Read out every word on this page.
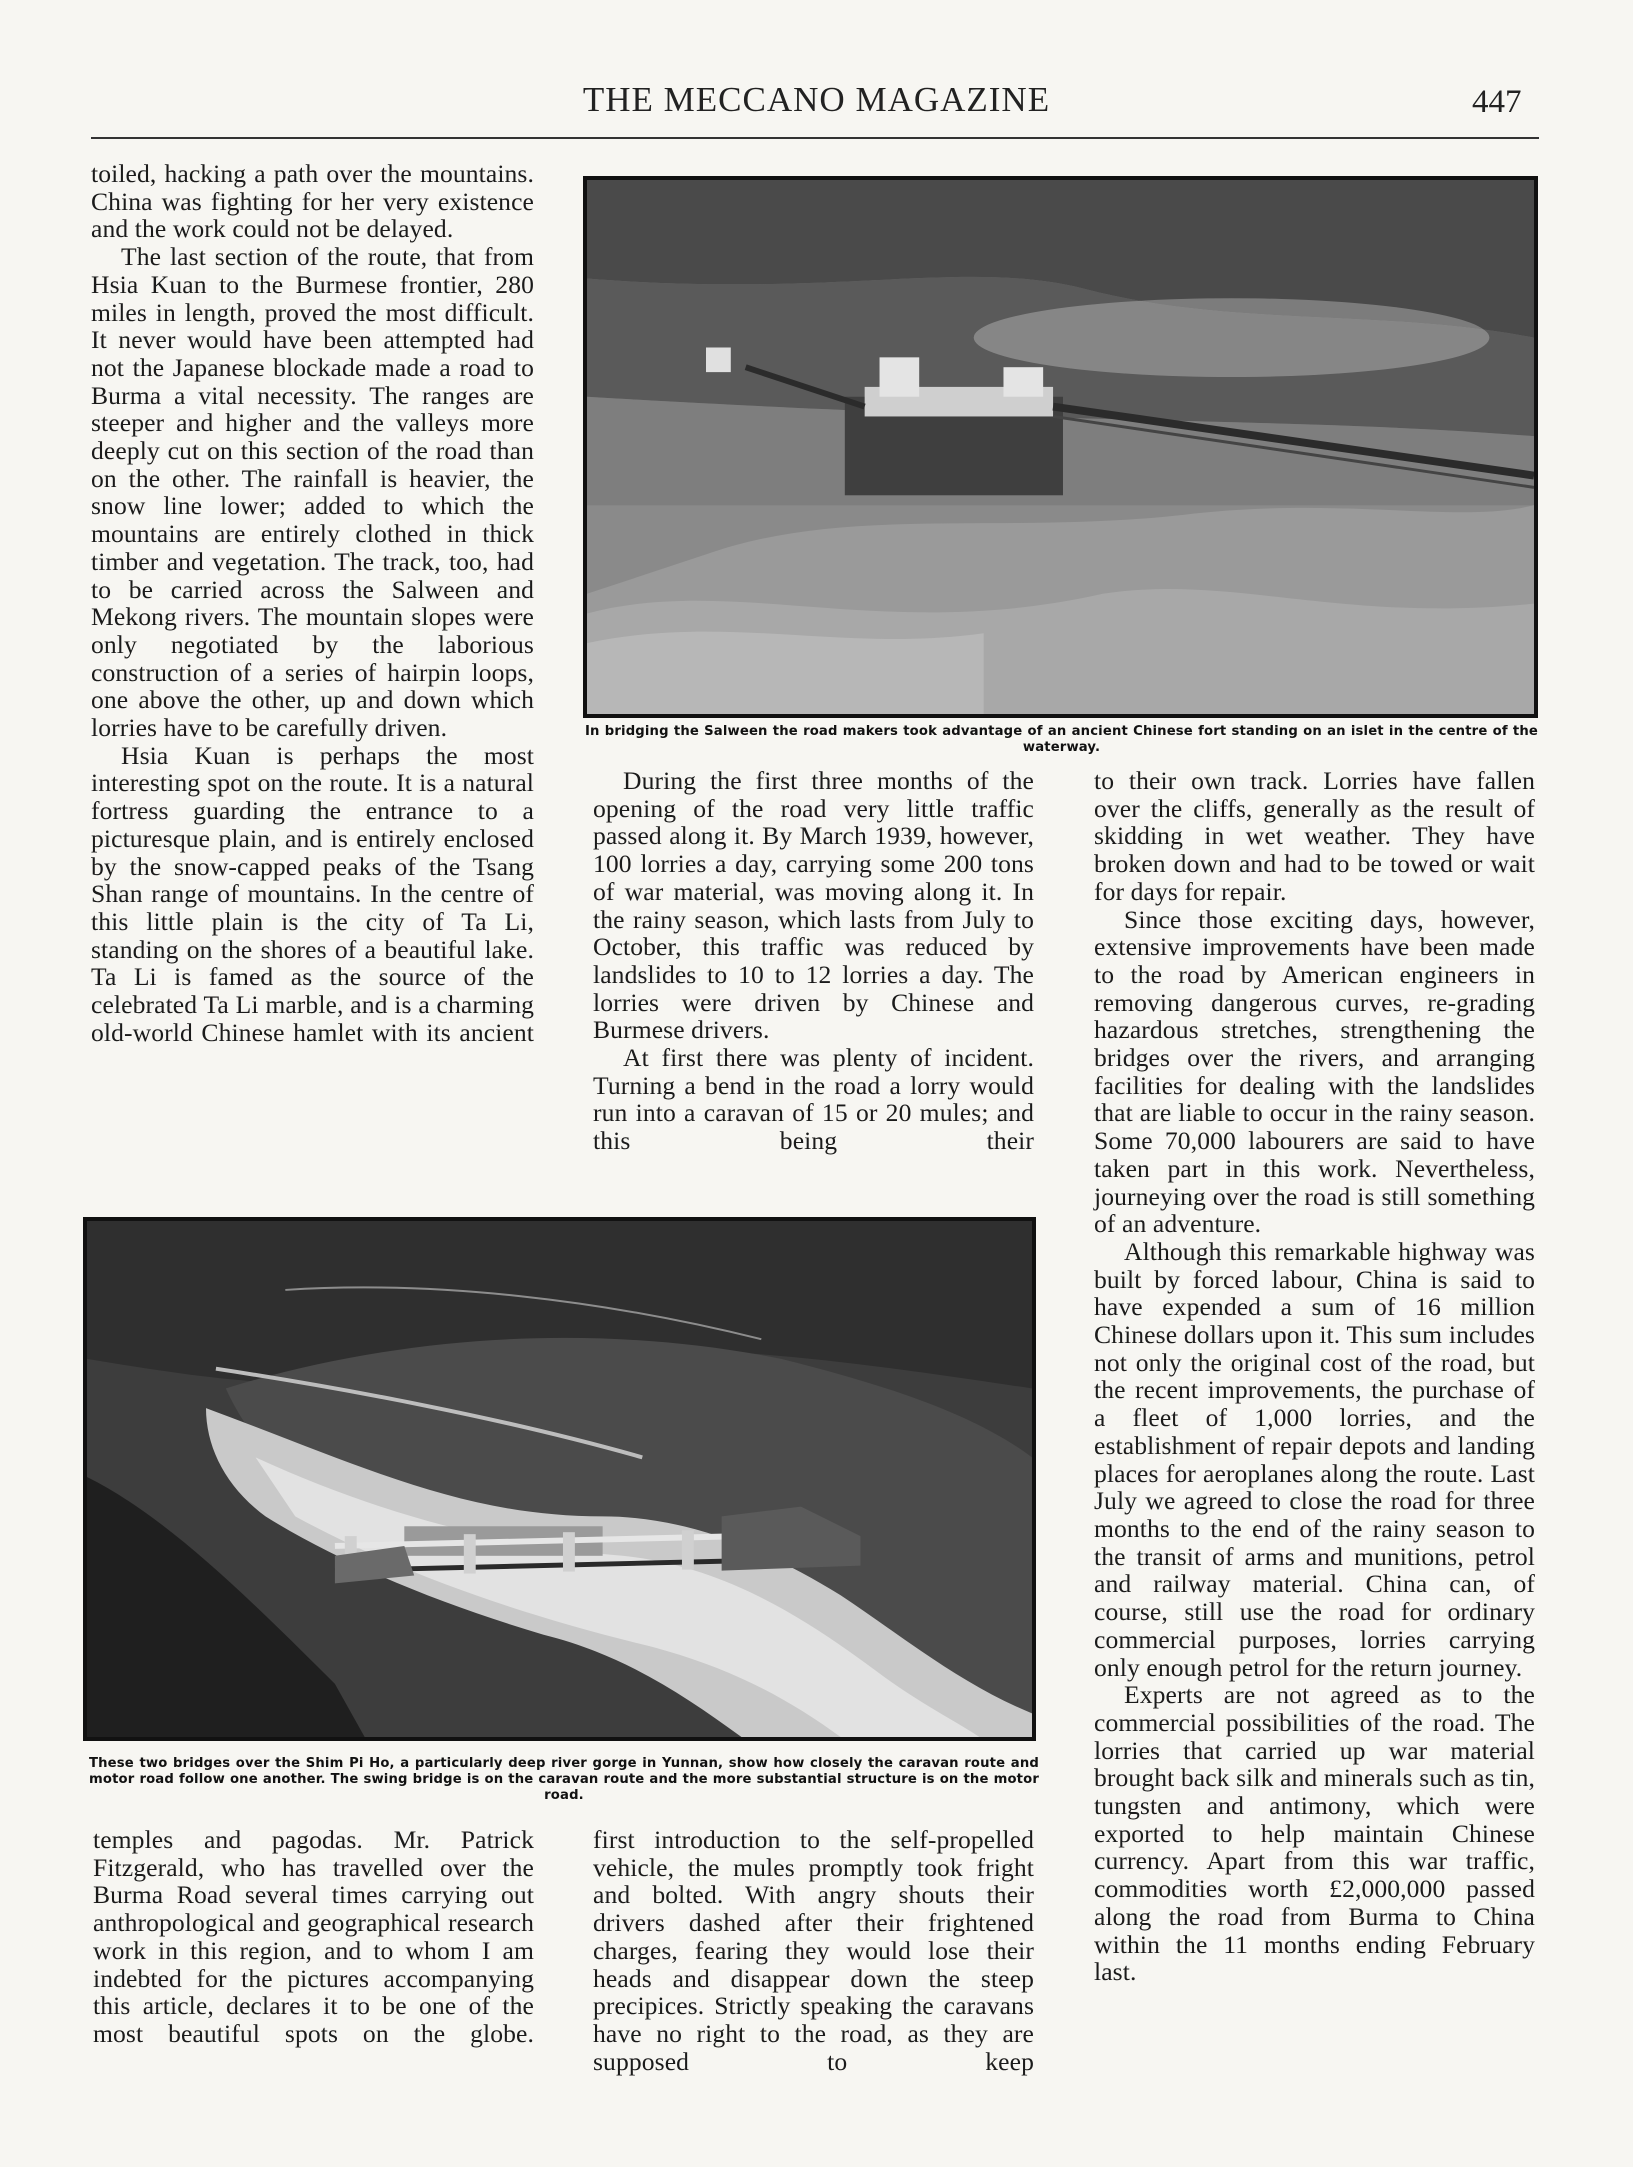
THE MECCANO MAGAZINE	447

toiled, hacking a path over the mountains. China was fighting for her very existence and the work could not be delayed.

The last section of the route, that from Hsia Kuan to the Burmese frontier, 280 miles in length, proved the most difficult. It never would have been attempted had not the Japanese blockade made a road to Burma a vital necessity. The ranges are steeper and higher and the valleys more deeply cut on this section of the road than on the other. The rainfall is heavier, the snow line lower; added to which the mountains are entirely clothed in thick timber and vegetation. The track, too, had to be carried across the Salween and Mekong rivers. The mountain slopes were only negotiated by the laborious construction of a series of hairpin loops, one above the other, up and down which lorries have to be carefully driven.

Hsia Kuan is perhaps the most interesting spot on the route. It is a natural fortress guarding the entrance to a picturesque plain, and is entirely enclosed by the snow-capped peaks of the Tsang Shan range of mountains. In the centre of this little plain is the city of Ta Li, standing on the shores of a beautiful lake. Ta Li is famed as the source of the celebrated Ta Li marble, and is a charming old-world Chinese hamlet with its ancient

In bridging the Salween the road makers took advantage of an ancient Chinese fort standing on an islet in the centre of the waterway.

During the first three months of the opening of the road very little traffic passed along it. By March 1939, however, 100 lorries a day, carrying some 200 tons of war material, was moving along it. In the rainy season, which lasts from July to October, this traffic was reduced by landslides to 10 to 12 lorries a day. The lorries were driven by Chinese and Burmese drivers.

At first there was plenty of incident. Turning a bend in the road a lorry would run into a caravan of 15 or 20 mules; and this being their

to their own track. Lorries have fallen over the cliffs, generally as the result of skidding in wet weather. They have broken down and had to be towed or wait for days for repair.

Since those exciting days, however, extensive improvements have been made to the road by American engineers in removing dangerous curves, re-grading hazardous stretches, strengthening the bridges over the rivers, and arranging facilities for dealing with the landslides that are liable to occur in the rainy season. Some 70,000 labourers are said to have taken part in this work. Nevertheless, journeying over the road is still something of an adventure.

Although this remarkable highway was built by forced labour, China is said to have expended a sum of 16 million Chinese dollars upon it. This sum includes not only the original cost of the road, but the recent improvements, the purchase of a fleet of 1,000 lorries, and the establishment of repair depots and landing places for aeroplanes along the route. Last July we agreed to close the road for three months to the end of the rainy season to the transit of arms and munitions, petrol and railway material. China can, of course, still use the road for ordinary commercial purposes, lorries carrying only enough petrol for the return journey.

Experts are not agreed as to the commercial possibilities of the road. The lorries that carried up war material brought back silk and minerals such as tin, tungsten and antimony, which were exported to help maintain Chinese currency. Apart from this war traffic, commodities worth £2,000,000 passed along the road from Burma to China within the 11 months ending February last.

These two bridges over the Shim Pi Ho, a particularly deep river gorge in Yunnan, show how closely the caravan route and motor road follow one another. The swing bridge is on the caravan route and the more substantial structure is on the motor road.

temples and pagodas. Mr. Patrick Fitzgerald, who has travelled over the Burma Road several times carrying out anthropological and geographical research work in this region, and to whom I am indebted for the pictures accompanying this article, declares it to be one of the most beautiful spots on the globe.

first introduction to the self-propelled vehicle, the mules promptly took fright and bolted. With angry shouts their drivers dashed after their frightened charges, fearing they would lose their heads and disappear down the steep precipices. Strictly speaking the caravans have no right to the road, as they are supposed to keep
